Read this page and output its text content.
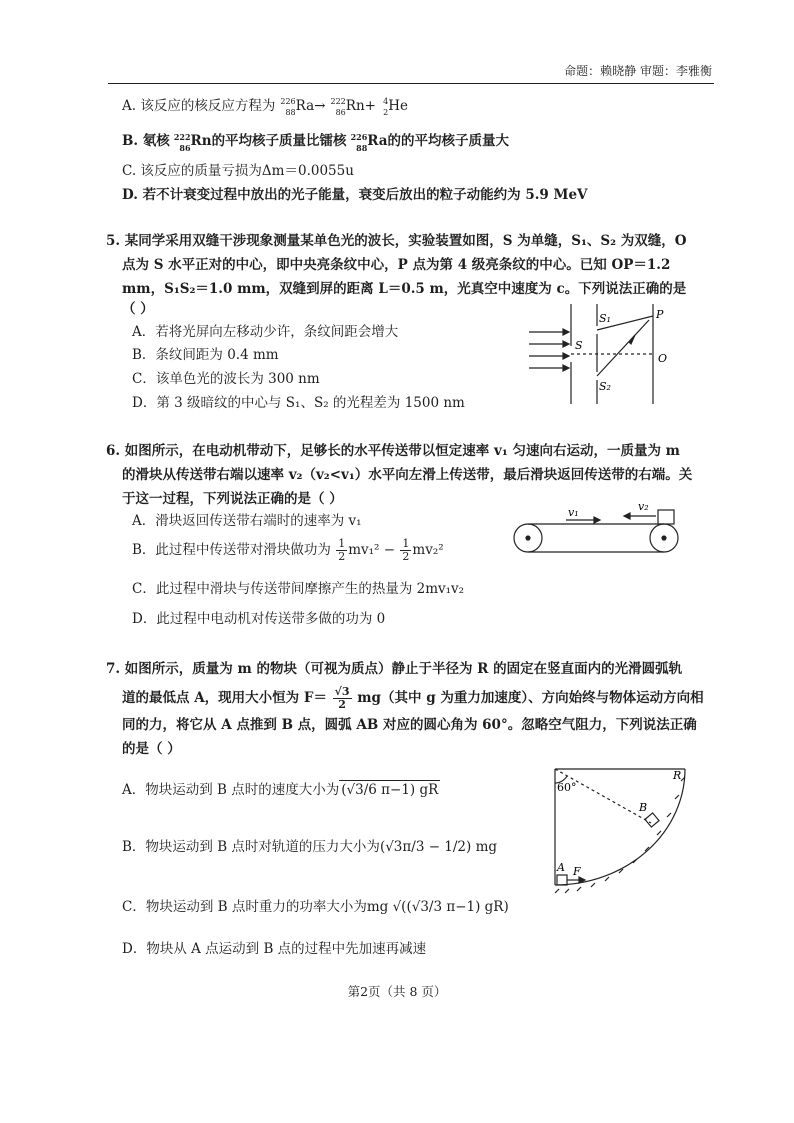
命题：赖晓静 审题：李雅衡
A. 该反应的核反应方程为 226
88 Ra→ 222
86 Rn+ 4
2 He
B. 氡核 222
86 Rn的平均核子质量比镭核 226
88 Ra的的平均核子质量大
C. 该反应的质量亏损为Δm＝0.0055u
D. 若不计衰变过程中放出的光子能量，衰变后放出的粒子动能约为 5.9 MeV
5. 某同学采用双缝干涉现象测量某单色光的波长，实验装置如图，S 为单缝，S₁、S₂ 为双缝，O
点为 S 水平正对的中心，即中央亮条纹中心，P 点为第 4 级亮条纹的中心。已知 OP＝1.2
mm，S₁S₂＝1.0 mm，双缝到屏的距离 L＝0.5 m，光真空中速度为 c。下列说法正确的是
（ ）
A．若将光屏向左移动少许，条纹间距会增大
B．条纹间距为 0.4 mm
C．该单色光的波长为 300 nm
D．第 3 级暗纹的中心与 S₁、S₂ 的光程差为 1500 nm
S₁
S₂
S
P
O
6. 如图所示，在电动机带动下，足够长的水平传送带以恒定速率 v₁ 匀速向右运动，一质量为 m
的滑块从传送带右端以速率 v₂（v₂<v₁）水平向左滑上传送带，最后滑块返回传送带的右端。关
于这一过程，下列说法正确的是（ ）
A．滑块返回传送带右端时的速率为 v₁
B．此过程中传送带对滑块做功为 $\frac{1}{2} mv_1^2 - \frac{1}{2} mv_2^2$
C．此过程中滑块与传送带间摩擦产生的热量为 2mv₁v₂
D．此过程中电动机对传送带多做的功为 0
v₁	v₂
7. 如图所示，质量为 m 的物块（可视为质点）静止于半径为 R 的固定在竖直面内的光滑圆弧轨
道的最低点 A，现用大小恒为 $F= \frac{√3}{2} mg$（其中 g 为重力加速度）、方向始终与物体运动方向相
同的力，将它从 A 点推到 B 点，圆弧 AB 对应的圆心角为 60°。忽略空气阻力，下列说法正确
的是（ ）
A．物块运动到 B 点时的速度大小为 (√3/6 π−1) gR
B．物块运动到 B 点时对轨道的压力大小为(√3π/3 − 1/2) mg
C．物块运动到 B 点时重力的功率大小为mg √((√3/3 π−1) gR)
D．物块从 A 点运动到 B 点的过程中先加速再减速
60°
R
B
A F
第2页（共 8 页）
